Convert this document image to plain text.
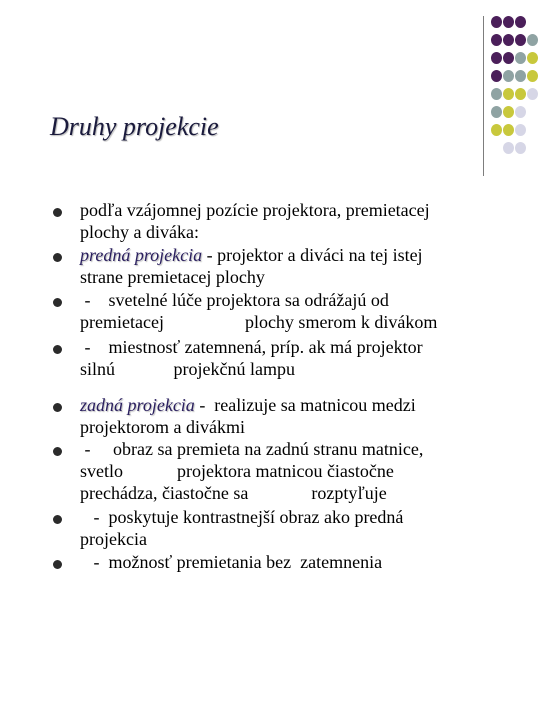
Druhy projekcie
podľa vzájomnej pozície projektora, premietacej
plochy a diváka:
predná projekcia - projektor a diváci na tej istej
strane premietacej plochy
-    svetelné lúče projektora sa odrážajú od
premietacej                  plochy smerom k divákom
-    miestnosť zatemnená, príp. ak má projektor
silnú             projekčnú lampu
zadná projekcia -  realizuje sa matnicou medzi
projektorom a divákmi
-     obraz sa premieta na zadnú stranu matnice,
svetlo            projektora matnicou čiastočne
prechádza, čiastočne sa              rozptyľuje
-  poskytuje kontrastnejší obraz ako predná
projekcia
-  možnosť premietania bez  zatemnenia
